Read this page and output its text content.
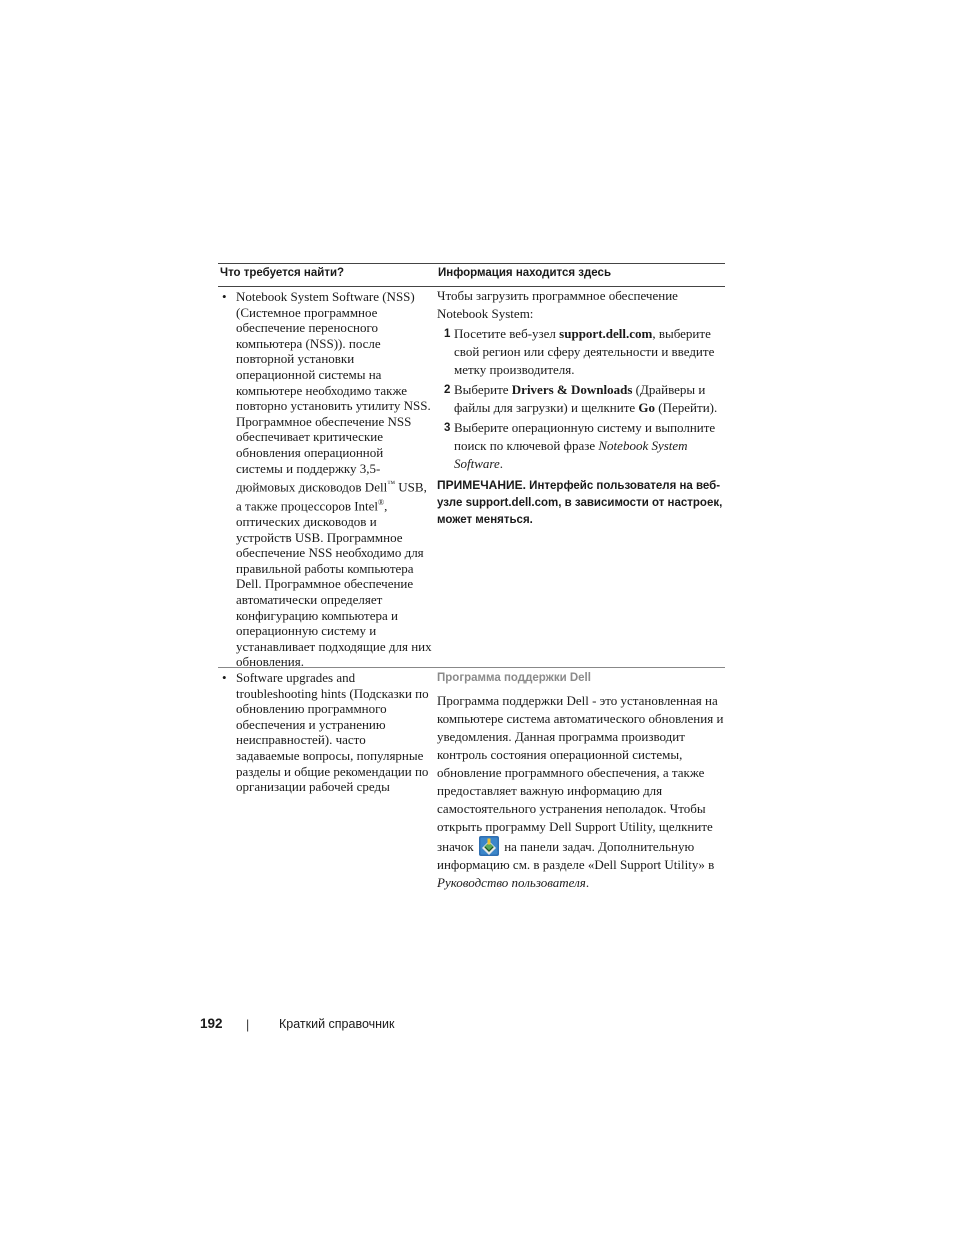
Что требуется найти?	Информация находится здесь
• Notebook System Software (NSS)(Системное программное обеспечение переносного компьютера (NSS)). после повторной установки операционной системы на компьютере необходимо также повторно установить утилиту NSS. Программное обеспечение NSS обеспечивает критические обновления операционной системы и поддержку 3,5-дюймовых дисководов Dell™ USB, а также процессоров Intel®, оптических дисководов и устройств USB. Программное обеспечение NSS необходимо для правильной работы компьютера Dell. Программное обеспечение автоматически определяет конфигурацию компьютера и операционную систему и устанавливает подходящие для них обновления.
Чтобы загрузить программное обеспечение Notebook System:
1 Посетите веб-узел support.dell.com, выберите свой регион или сферу деятельности и введите метку производителя.
2 Выберите Drivers & Downloads (Драйверы и файлы для загрузки) и щелкните Go (Перейти).
3 Выберите операционную систему и выполните поиск по ключевой фразе Notebook System Software.
ПРИМЕЧАНИЕ. Интерфейс пользователя на веб-узле support.dell.com, в зависимости от настроек, может меняться.
• Software upgrades and troubleshooting hints (Подсказки по обновлению программного обеспечения и устранению неисправностей). часто задаваемые вопросы, популярные разделы и общие рекомендации по организации рабочей среды
Программа поддержки Dell
Программа поддержки Dell - это установленная на компьютере система автоматического обновления и уведомления. Данная программа производит контроль состояния операционной системы, обновление программного обеспечения, а также предоставляет важную информацию для самостоятельного устранения неполадок. Чтобы открыть программу Dell Support Utility, щелкните значок на панели задач. Дополнительную информацию см. в разделе «Dell Support Utility» в Руководство пользователя.
192 | Краткий справочник
